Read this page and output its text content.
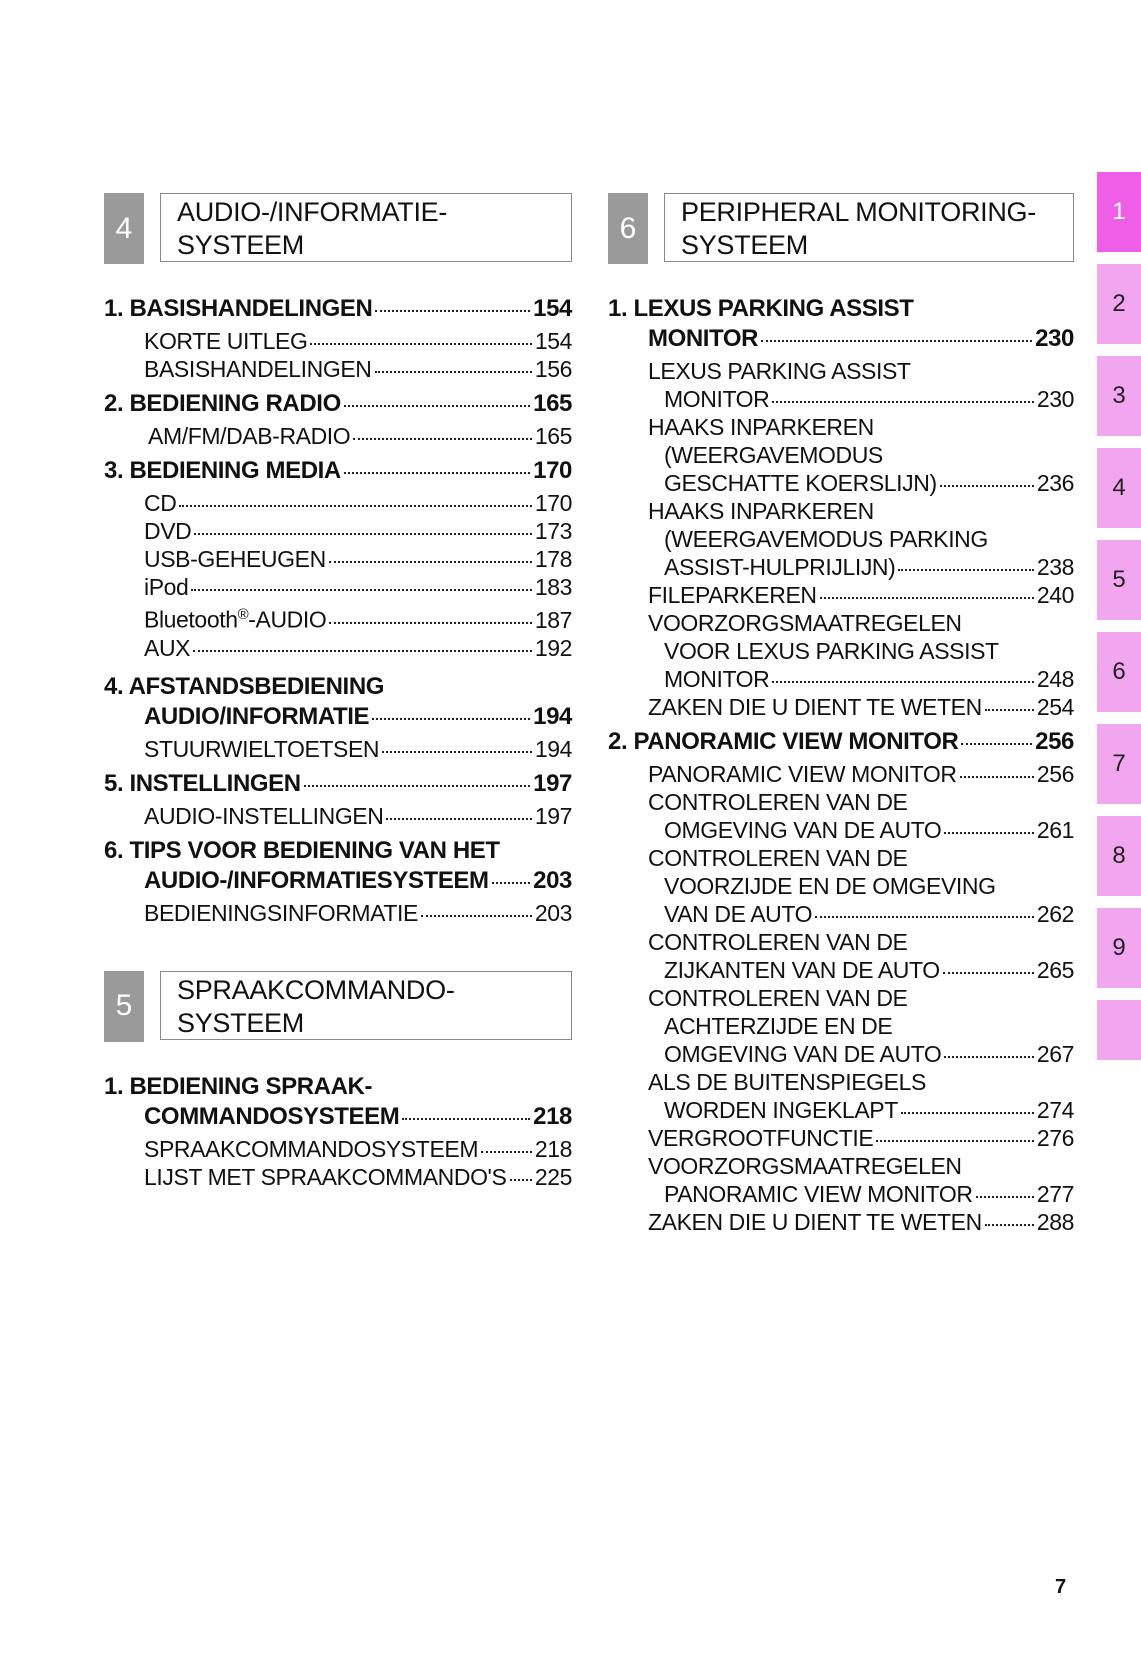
4	AUDIO-/INFORMATIE-
SYSTEEM
1. BASISHANDELINGEN	154
KORTE UITLEG	154
BASISHANDELINGEN	156
2. BEDIENING RADIO	165
AM/FM/DAB-RADIO	165
3. BEDIENING MEDIA	170
CD	170
DVD	173
USB-GEHEUGEN	178
iPod	183
Bluetooth®-AUDIO	187
AUX	192
4. AFSTANDSBEDIENING
AUDIO/INFORMATIE	194
STUURWIELTOETSEN	194
5. INSTELLINGEN	197
AUDIO-INSTELLINGEN	197
6. TIPS VOOR BEDIENING VAN HET
AUDIO-/INFORMATIESYSTEEM 203
BEDIENINGSINFORMATIE	203
5	SPRAAKCOMMANDO-
SYSTEEM
1. BEDIENING SPRAAK-
COMMANDOSYSTEEM	218
SPRAAKCOMMANDOSYSTEEM 218
LIJST MET SPRAAKCOMMANDO'S 225
6	PERIPHERAL MONITORING-
SYSTEEM
1. LEXUS PARKING ASSIST
MONITOR	230
LEXUS PARKING ASSIST
MONITOR	230
HAAKS INPARKEREN
(WEERGAVEMODUS
GESCHATTE KOERSLIJN)	236
HAAKS INPARKEREN
(WEERGAVEMODUS PARKING
ASSIST-HULPRIJLIJN)	238
FILEPARKEREN	240
VOORZORGSMAATREGELEN
VOOR LEXUS PARKING ASSIST
MONITOR	248
ZAKEN DIE U DIENT TE WETEN 254
2. PANORAMIC VIEW MONITOR	256
PANORAMIC VIEW MONITOR	256
CONTROLEREN VAN DE
OMGEVING VAN DE AUTO	261
CONTROLEREN VAN DE
VOORZIJDE EN DE OMGEVING
VAN DE AUTO	262
CONTROLEREN VAN DE
ZIJKANTEN VAN DE AUTO	265
CONTROLEREN VAN DE
ACHTERZIJDE EN DE
OMGEVING VAN DE AUTO	267
ALS DE BUITENSPIEGELS
WORDEN INGEKLAPT	274
VERGROOTFUNCTIE	276
VOORZORGSMAATREGELEN
PANORAMIC VIEW MONITOR	277
ZAKEN DIE U DIENT TE WETEN 288
1
2
3
4
5
6
7
8
9
7
